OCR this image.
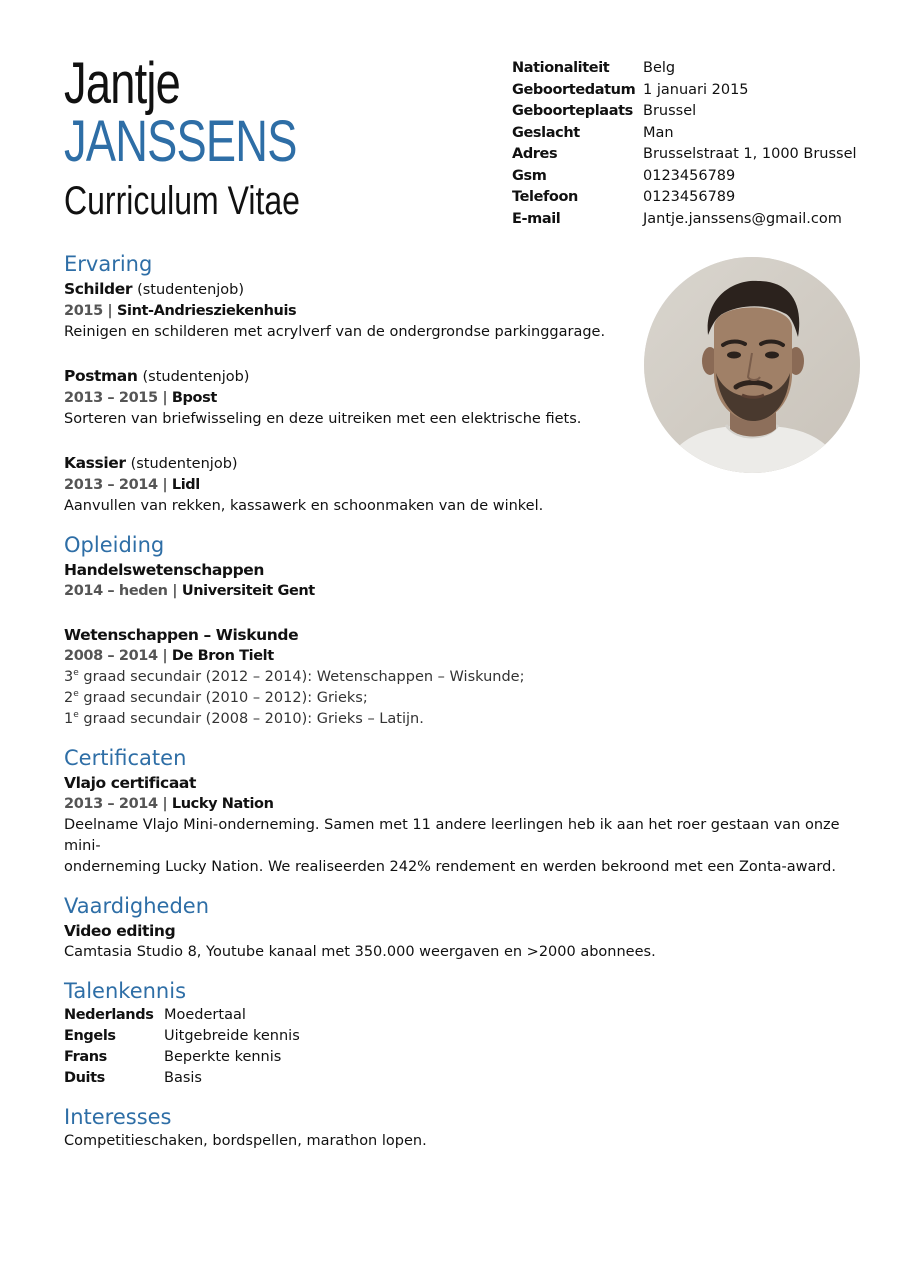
Jantje
JANSSENS
Curriculum Vitae
Nationaliteit	Belg
Geboortedatum 1 januari 2015
Geboorteplaats Brussel
Geslacht	Man
Adres	Brusselstraat 1, 1000 Brussel
Gsm	0123456789
Telefoon	0123456789
E-mail	Jantje.janssens@gmail.com
Ervaring
Schilder (studentenjob)
2015 | Sint-Andriesziekenhuis
Reinigen en schilderen met acrylverf van de ondergrondse parkinggarage.
Postman (studentenjob)
2013 – 2015 | Bpost
Sorteren van briefwisseling en deze uitreiken met een elektrische fiets.
Kassier (studentenjob)
2013 – 2014 | Lidl
Aanvullen van rekken, kassawerk en schoonmaken van de winkel.
Opleiding
Handelswetenschappen
2014 – heden | Universiteit Gent
Wetenschappen – Wiskunde
2008 – 2014 | De Bron Tielt
3e graad secundair (2012 – 2014): Wetenschappen – Wiskunde;
2e graad secundair (2010 – 2012): Grieks;
1e graad secundair (2008 – 2010): Grieks – Latijn.
Certificaten
Vlajo certificaat
2013 – 2014 | Lucky Nation
Deelname Vlajo Mini-onderneming. Samen met 11 andere leerlingen heb ik aan het roer gestaan van onze mini-
onderneming Lucky Nation. We realiseerden 242% rendement en werden bekroond met een Zonta-award.
Vaardigheden
Video editing
Camtasia Studio 8, Youtube kanaal met 350.000 weergaven en >2000 abonnees.
Talenkennis
Nederlands Moedertaal
Engels	Uitgebreide kennis
Frans	Beperkte kennis
Duits	Basis
Interesses
Competitieschaken, bordspellen, marathon lopen.
